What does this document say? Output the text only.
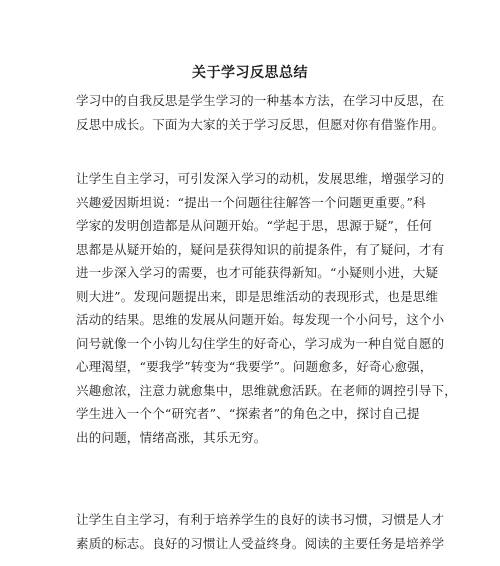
关于学习反思总结
学习中的自我反思是学生学习的一种基本方法，在学习中反思，在
反思中成长。下面为大家的关于学习反思，但愿对你有借鉴作用。
让学生自主学习，可引发深入学习的动机，发展思维，增强学习的
兴趣爱因斯坦说：“提出一个问题往往解答一个问题更重要。”科
学家的发明创造都是从问题开始。“学起于思，思源于疑”，任何
思都是从疑开始的，疑问是获得知识的前提条件，有了疑问，才有
进一步深入学习的需要，也才可能获得新知。“小疑则小进，大疑
则大进”。发现问题提出来，即是思维活动的表现形式，也是思维
活动的结果。思维的发展从问题开始。每发现一个小问号，这个小
问号就像一个小钩儿勾住学生的好奇心，学习成为一种自觉自愿的
心理渴望，“要我学”转变为“我要学”。问题愈多，好奇心愈强，
兴趣愈浓，注意力就愈集中，思维就愈活跃。在老师的调控引导下，
学生进入一个个“研究者”、“探索者”的角色之中，探讨自己提
出的问题，情绪高涨，其乐无穷。
让学生自主学习，有利于培养学生的良好的读书习惯，习惯是人才
素质的标志。良好的习惯让人受益终身。阅读的主要任务是培养学
